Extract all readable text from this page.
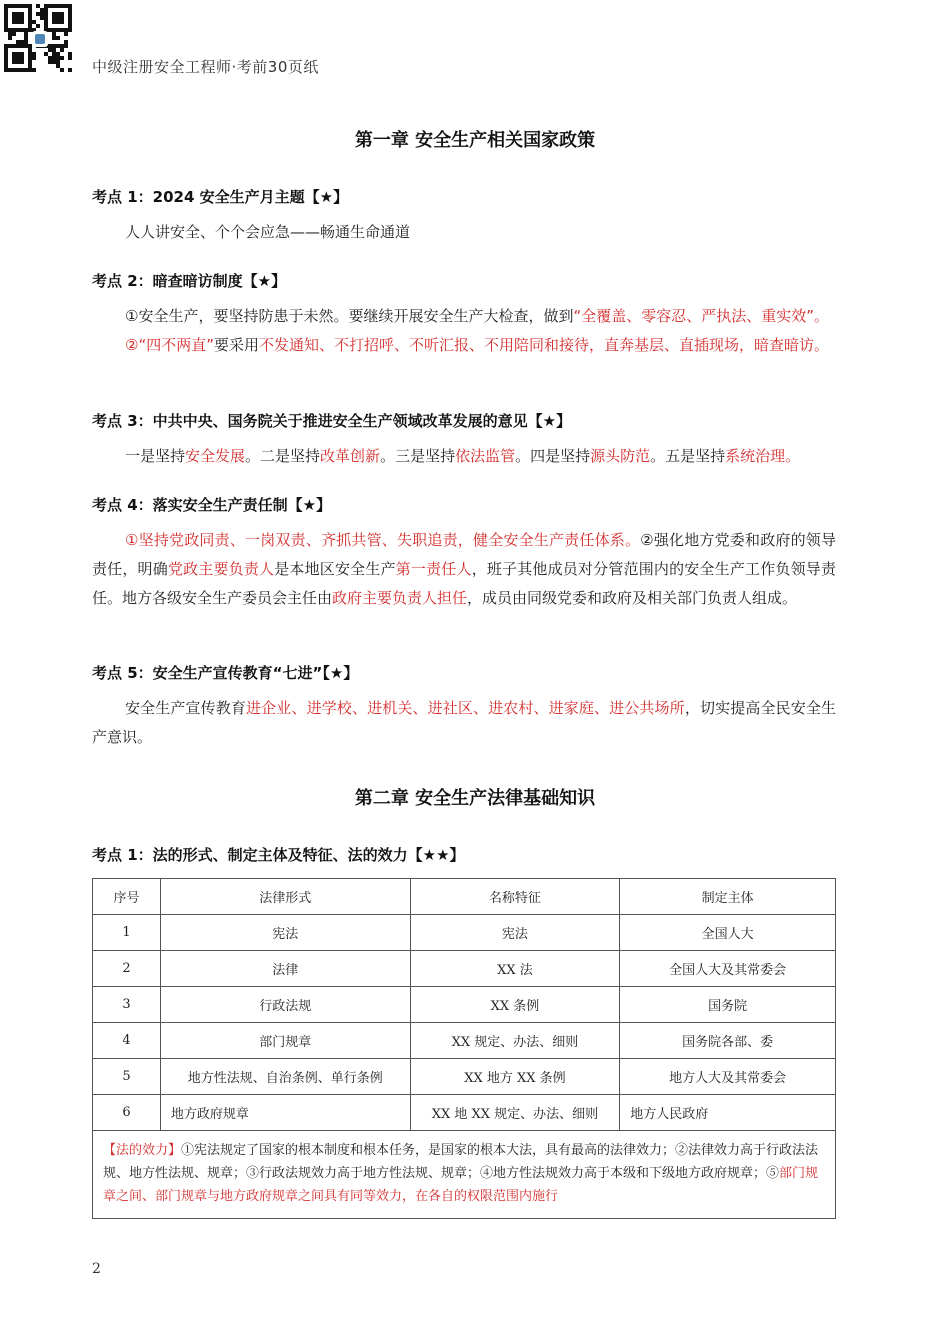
中级注册安全工程师·考前30页纸
第一章 安全生产相关国家政策
考点 1：2024 安全生产月主题【★】
人人讲安全、个个会应急——畅通生命通道
考点 2：暗查暗访制度【★】
①安全生产，要坚持防患于未然。要继续开展安全生产大检查，做到“全覆盖、零容忍、严执法、重实效”。
②“四不两直”要采用不发通知、不打招呼、不听汇报、不用陪同和接待，直奔基层、直插现场，暗查暗访。
考点 3：中共中央、国务院关于推进安全生产领域改革发展的意见【★】
一是坚持安全发展。二是坚持改革创新。三是坚持依法监管。四是坚持源头防范。五是坚持系统治理。
考点 4：落实安全生产责任制【★】
①坚持党政同责、一岗双责、齐抓共管、失职追责，健全安全生产责任体系。②强化地方党委和政府的领导责任，明确党政主要负责人是本地区安全生产第一责任人，班子其他成员对分管范围内的安全生产工作负领导责任。地方各级安全生产委员会主任由政府主要负责人担任，成员由同级党委和政府及相关部门负责人组成。
考点 5：安全生产宣传教育“七进”【★】
安全生产宣传教育进企业、进学校、进机关、进社区、进农村、进家庭、进公共场所，切实提高全民安全生产意识。
第二章 安全生产法律基础知识
考点 1：法的形式、制定主体及特征、法的效力【★★】
序号	法律形式	名称特征	制定主体
1	宪法	宪法	全国人大
2	法律	XX 法	全国人大及其常委会
3	行政法规	XX 条例	国务院
4	部门规章	XX 规定、办法、细则	国务院各部、委
5	地方性法规、自治条例、单行条例	XX 地方 XX 条例	地方人大及其常委会
6	地方政府规章	XX 地 XX 规定、办法、细则	地方人民政府
【法的效力】①宪法规定了国家的根本制度和根本任务，是国家的根本大法，具有最高的法律效力；②法律效力高于行政法法规、地方性法规、规章；③行政法规效力高于地方性法规、规章；④地方性法规效力高于本级和下级地方政府规章；⑤部门规章之间、部门规章与地方政府规章之间具有同等效力，在各自的权限范围内施行			
2
